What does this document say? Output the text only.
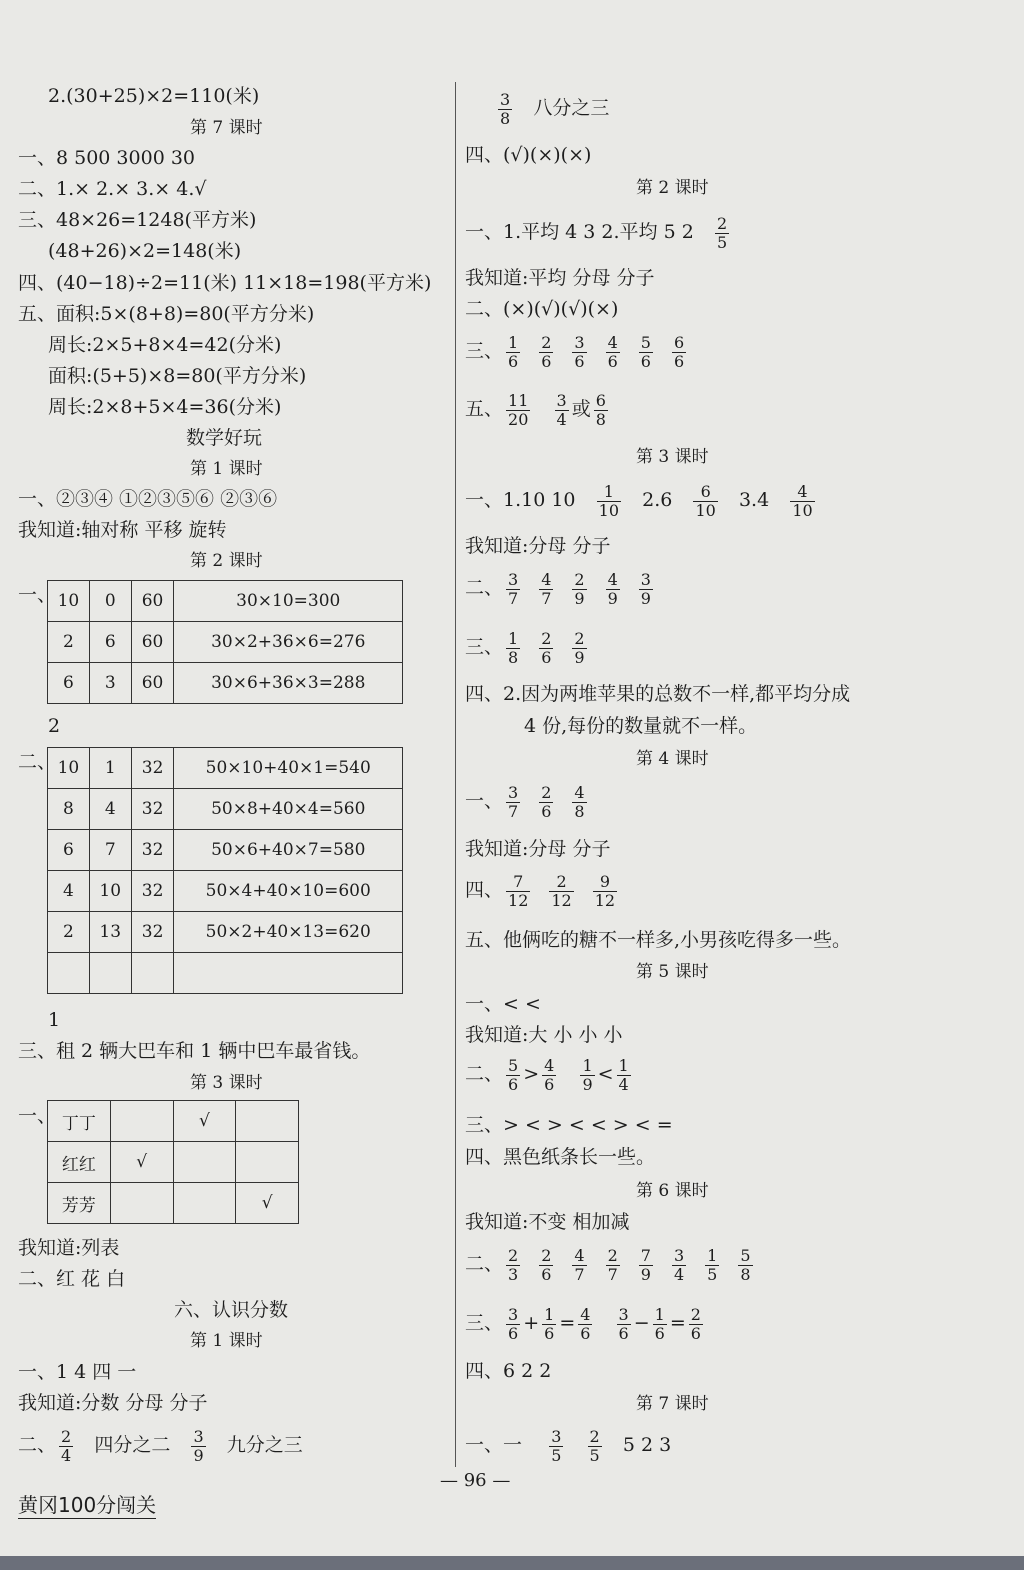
2.(30+25)×2=110(米)
第 7 课时
一、8 500 3000 30
二、1.× 2.× 3.× 4.√
三、48×26=1248(平方米)
(48+26)×2=148(米)
四、(40−18)÷2=11(米) 11×18=198(平方米)
五、面积:5×(8+8)=80(平方分米)
周长:2×5+8×4=42(分米)
面积:(5+5)×8=80(平方分米)
周长:2×8+5×4=36(分米)
数学好玩
第 1 课时
一、②③④ ①②③⑤⑥ ②③⑥
我知道:轴对称 平移 旋转
第 2 课时
一、 10	0	60	30×10=300
2	6	60	30×2+36×6=276
6	3	60	30×6+36×3=288
2
二、 10	1	32	50×10+40×1=540
8	4	32	50×8+40×4=560
6	7	32	50×6+40×7=580
4	10	32	50×4+40×10=600
2	13	32	50×2+40×13=620

1
三、租 2 辆大巴车和 1 辆中巴车最省钱。
第 3 课时
一、 丁丁		√	
红红	√		
芳芳			√
我知道:列表
二、红 花 白
六、认识分数
第 1 课时
一、1 4 四 一
我知道:分数 分母 分子
二、 $\frac{2}{4}$ 四分之二 $\frac{3}{9}$ 九分之三
$\frac{3}{8}$ 八分之三
四、(√)(×)(×)
第 2 课时
一、1.平均 4 3 2.平均 5 $2 \frac{2}{5}$
我知道:平均 分母 分子
二、(×)(√)(√)(×)
三、 $\frac{1}{6} \frac{2}{6} \frac{3}{6} \frac{4}{6} \frac{5}{6} \frac{6}{6}$
五、 $\frac{11}{20}$
$\frac{3}{4}$ 或 $\frac{6}{8}$
第 3 课时
一、1.10 $10 \frac{1}{10} 2.6 \frac{6}{10} 3.4 \frac{4}{10}$
我知道:分母 分子
二、 $\frac{3}{7} \frac{4}{7} \frac{2}{9} \frac{4}{9} \frac{3}{9}$
三、 $\frac{1}{8} \frac{2}{6} \frac{2}{9}$
四、2.因为两堆苹果的总数不一样,都平均分成
4 份,每份的数量就不一样。
第 4 课时
一、 $\frac{3}{7} \frac{2}{6} \frac{4}{8}$
我知道:分母 分子
四、 $\frac{7}{12} \frac{2}{12} \frac{9}{12}$
五、他俩吃的糖不一样多,小男孩吃得多一些。
第 5 课时
一、< <
我知道:大 小 小 小
二、 $\frac{5}{6} > \frac{4}{6}$
$\frac{1}{9} < \frac{1}{4}$
三、> < > < < > < =
四、黑色纸条长一些。
第 6 课时
我知道:不变 相加减
二、 $\frac{2}{3} \frac{2}{6} \frac{4}{7} \frac{2}{7} \frac{7}{9} \frac{3}{4} \frac{1}{5} \frac{5}{8}$
三、 $\frac{3}{6} + \frac{1}{6} = \frac{4}{6}$
$\frac{3}{6} - \frac{1}{6} = \frac{2}{6}$
四、6 2 2
第 7 课时
一、一 $\frac{3}{5}$
$\frac{2}{5} 5$ 2 3
— 96 —
黄冈100分闯关
